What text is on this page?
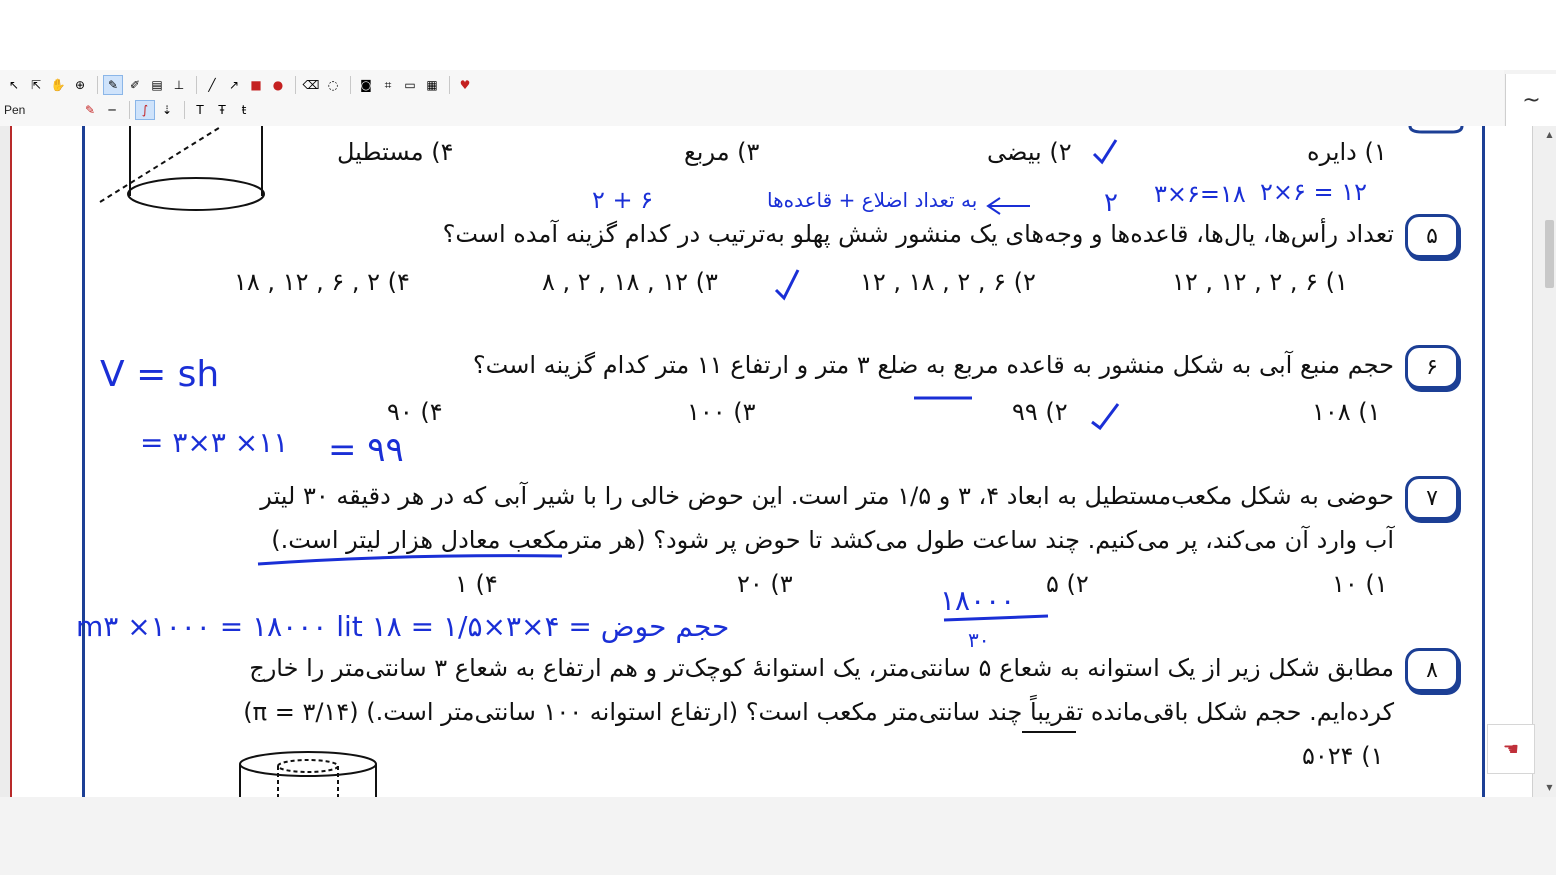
↖ ⇱ ✋ ⊕	✎ ✐ ▤ ⊥	╱	↗ ■ ●	⌫ ◌	◙	⌗	▭ ▦	♥
Pen	✎	─	∫	⇣	T	Ŧ	ŧ	~
۱) دایره
۲) بیضی
۳) مربع
۴) مستطیل
۵
تعداد رأس‌ها، یال‌ها، قاعده‌ها و وجه‌های یک منشور شش پهلو به‌ترتیب در کدام گزینه آمده است؟
۱) ۶ , ۲ , ۱۲ , ۱۲
۲) ۶ , ۲ , ۱۸ , ۱۲
۳) ۱۲ , ۱۸ , ۲ , ۸
۴) ۲ , ۶ , ۱۲ , ۱۸
۶
حجم منبع آبی به شکل منشور به قاعده مربع به ضلع ۳ متر و ارتفاع ۱۱ متر کدام گزینه است؟
۱) ۱۰۸
۲) ۹۹
۳) ۱۰۰
۴) ۹۰
۷
حوضی به شکل مکعب‌مستطیل به ابعاد ۴، ۳ و ۱/۵ متر است. این حوض خالی را با شیر آبی که در هر دقیقه ۳۰ لیتر
آب وارد آن می‌کند، پر می‌کنیم. چند ساعت طول می‌کشد تا حوض پر شود؟ (هر مترمکعب معادل هزار لیتر است.)
۱) ۱۰
۲) ۵
۳) ۲۰
۴) ۱
۸
مطابق شکل زیر از یک استوانه به شعاع ۵ سانتی‌متر، یک استوانهٔ کوچک‌تر و هم ارتفاع به شعاع ۳ سانتی‌متر را خارج
کرده‌ایم. حجم شکل باقی‌مانده تقریباً چند سانتی‌متر مکعب است؟ (ارتفاع استوانه ۱۰۰ سانتی‌متر است.) (π = ۳/۱۴)
۱) ۵۰۲۴
۲ + ۶	به تعداد اضلاع + قاعده‌ها	۲ ۳×۶=۱۸ ۲×۶ = ۱۲
V = sh
= ۳×۳ ×۱۱ = ۹۹
۱۸۰۰۰
۳۰
حجم حوض = ۴×۳×۱/۵ = ۱۸ m۳ ×۱۰۰۰ = ۱۸۰۰۰ lit
▲
▼
☚
